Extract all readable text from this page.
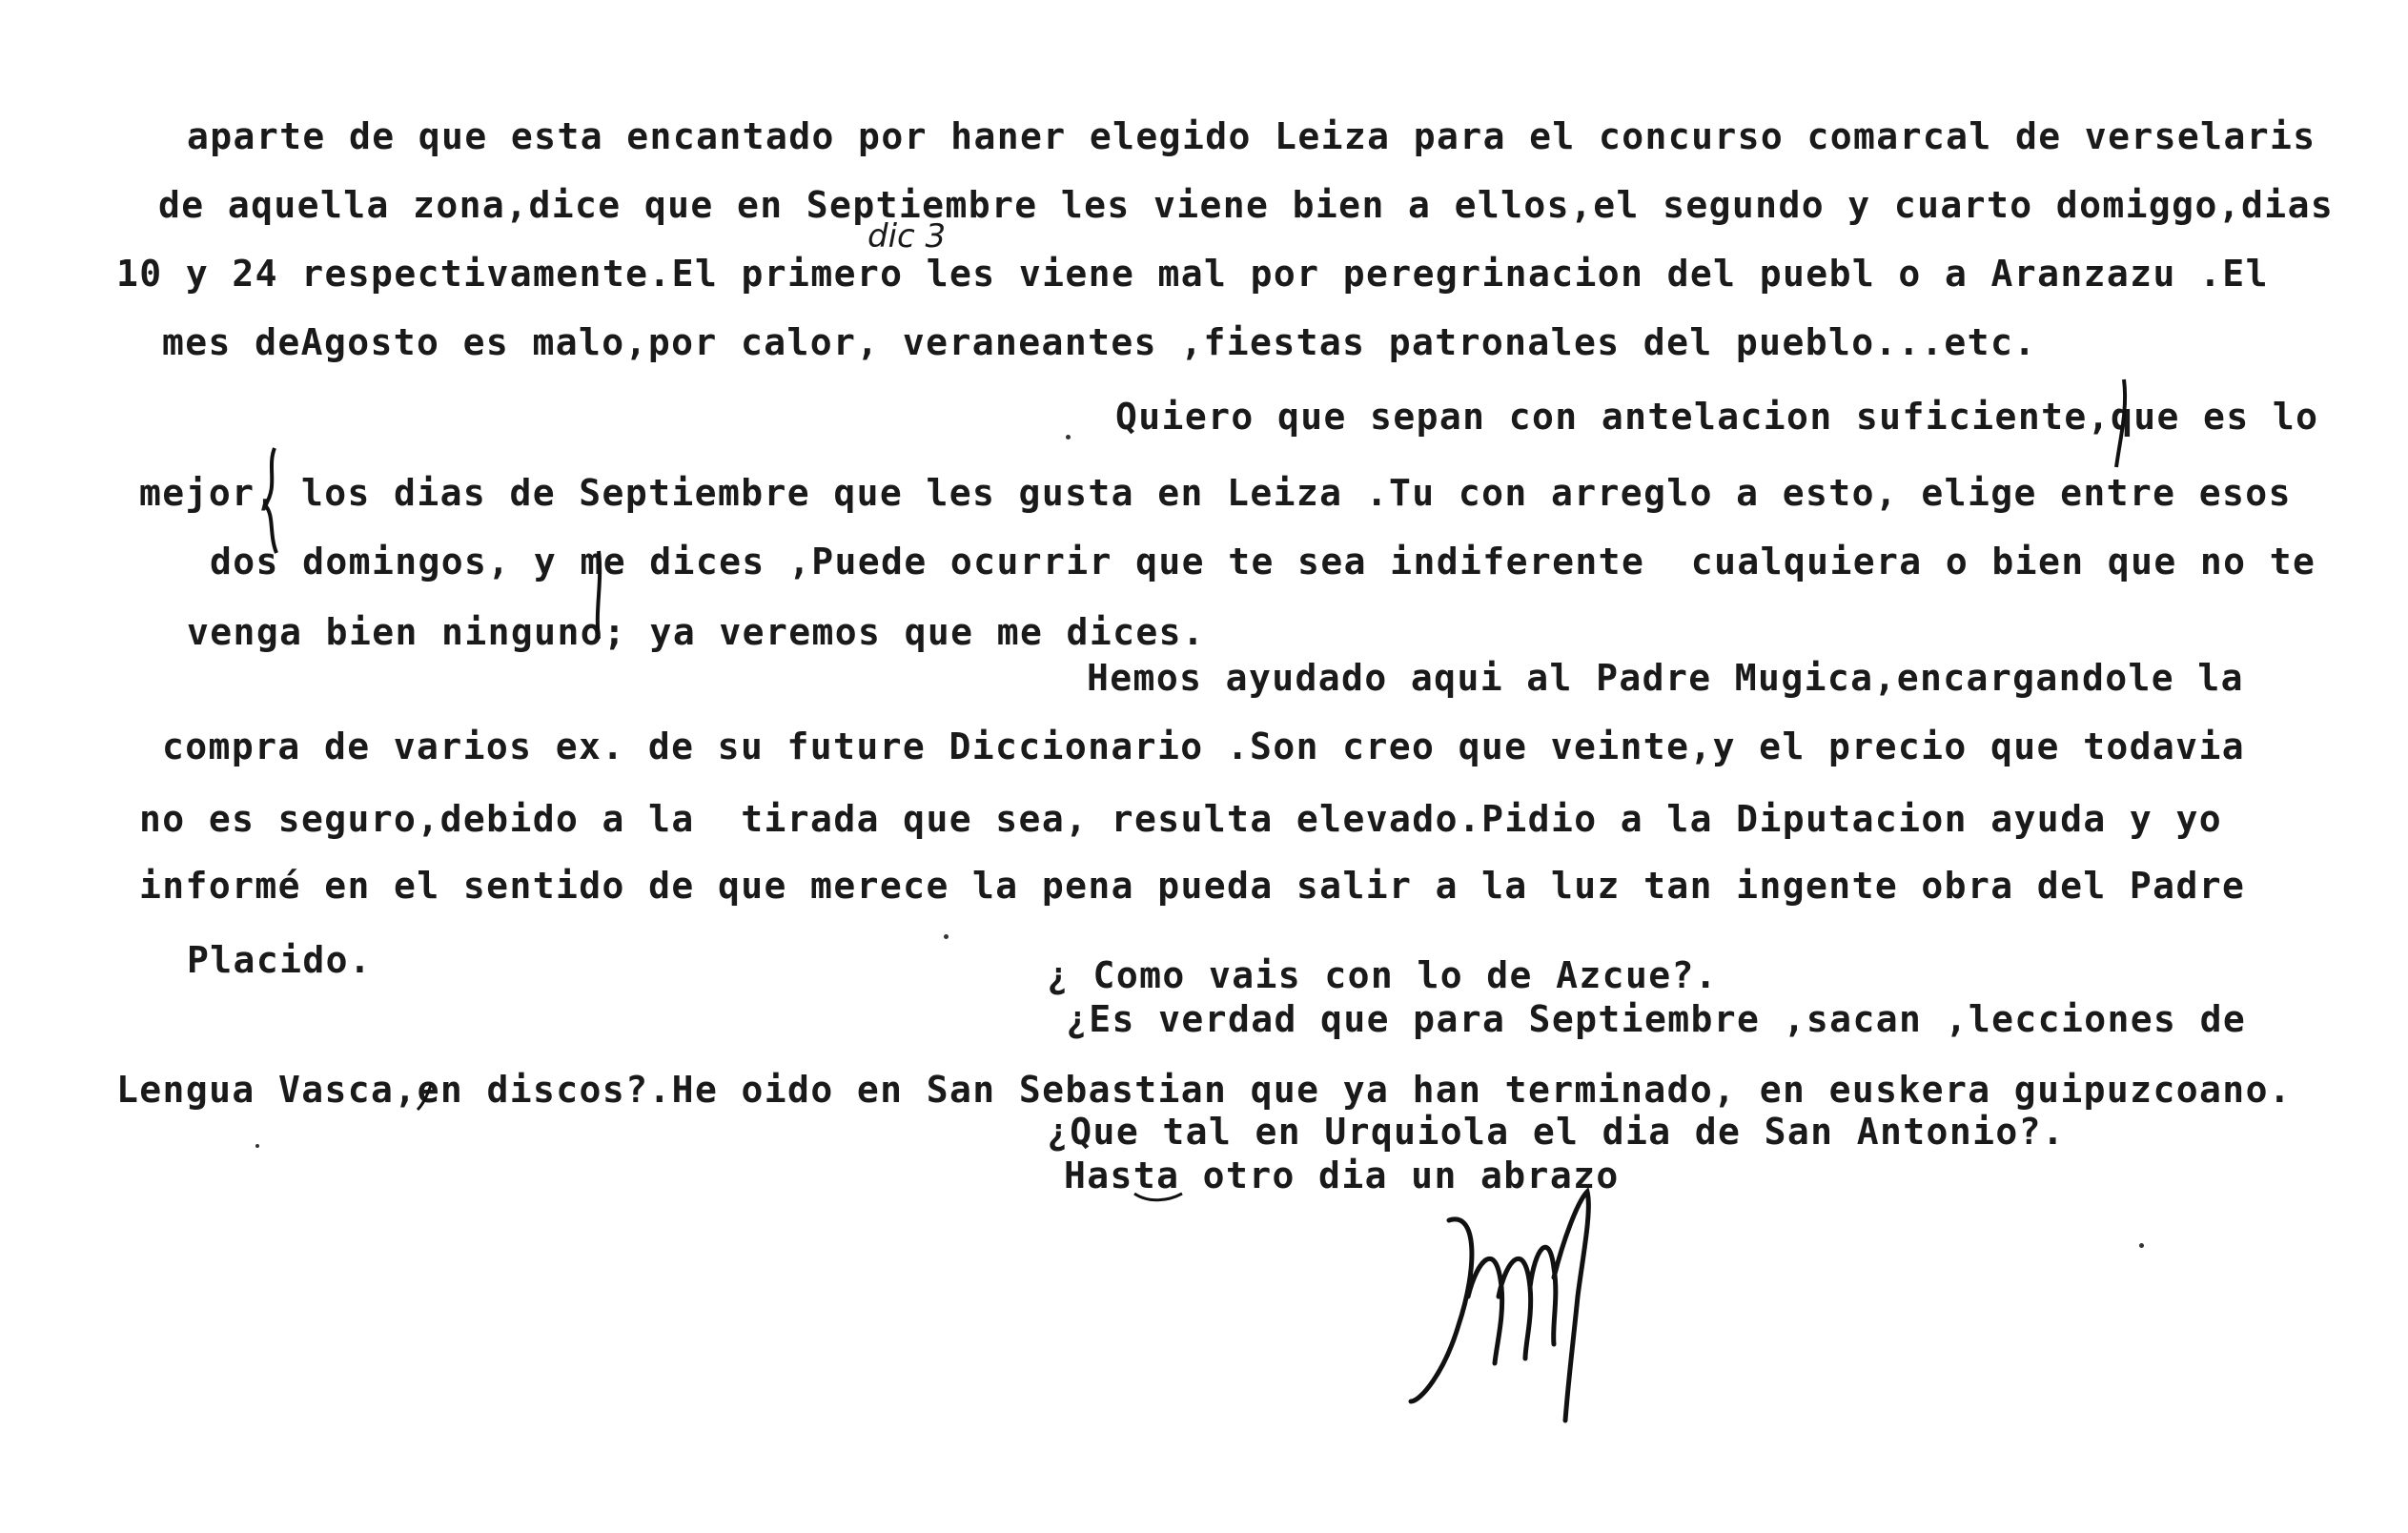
aparte de que esta encantado por haner elegido Leiza para el concurso comarcal de verselaris

de aquella zona,dice que en Septiembre les viene bien a ellos,el segundo y cuarto domiggo,dias

10 y 24 respectivamente.El primero les viene mal por peregrinacion del puebl o a Aranzazu .El

mes deAgosto es malo,por calor, veraneantes ,fiestas patronales del pueblo...etc.

Quiero que sepan con antelacion suficiente,que es lo

mejor, los dias de Septiembre que les gusta en Leiza .Tu con arreglo a esto, elige entre esos

dos domingos, y me dices ,Puede ocurrir que te sea indiferente  cualquiera o bien que no te

venga bien ninguno; ya veremos que me dices.

Hemos ayudado aqui al Padre Mugica,encargandole la

compra de varios ex. de su future Diccionario .Son creo que veinte,y el precio que todavia

no es seguro,debido a la  tirada que sea, resulta elevado.Pidio a la Diputacion ayuda y yo

informé en el sentido de que merece la pena pueda salir a la luz tan ingente obra del Padre

Placido.	¿ Como vais con lo de Azcue?.

¿Es verdad que para Septiembre ,sacan ,lecciones de

Lengua Vasca,en discos?.He oido en San Sebastian que ya han terminado, en euskera guipuzcoano.

¿Que tal en Urquiola el dia de San Antonio?.

Hasta otro dia un abrazo

dic 3
